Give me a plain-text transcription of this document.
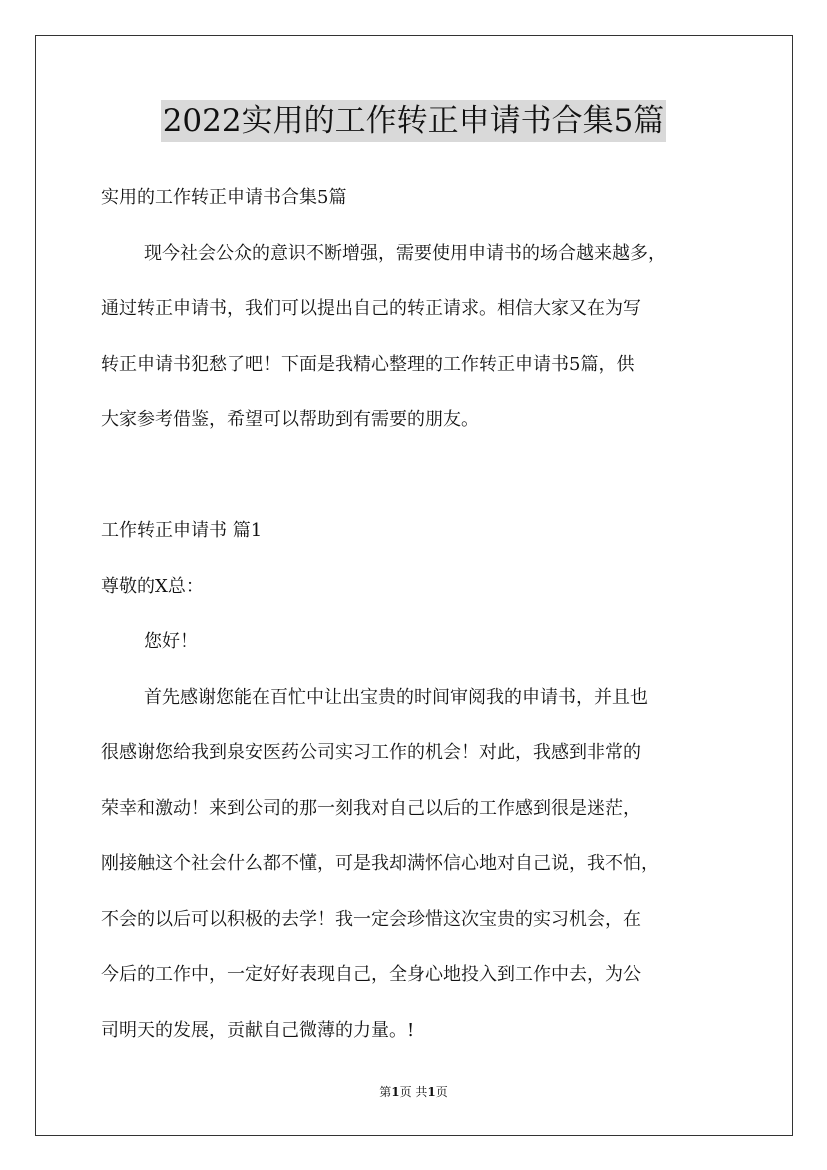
2022实用的工作转正申请书合集5篇
实用的工作转正申请书合集5篇
现今社会公众的意识不断增强，需要使用申请书的场合越来越多，
通过转正申请书，我们可以提出自己的转正请求。相信大家又在为写
转正申请书犯愁了吧！下面是我精心整理的工作转正申请书5篇，供
大家参考借鉴，希望可以帮助到有需要的朋友。
工作转正申请书 篇1
尊敬的X总：
您好！
首先感谢您能在百忙中让出宝贵的时间审阅我的申请书，并且也
很感谢您给我到泉安医药公司实习工作的机会！对此，我感到非常的
荣幸和激动！来到公司的那一刻我对自己以后的工作感到很是迷茫，
刚接触这个社会什么都不懂，可是我却满怀信心地对自己说，我不怕，
不会的以后可以积极的去学！我一定会珍惜这次宝贵的实习机会，在
今后的工作中，一定好好表现自己，全身心地投入到工作中去，为公
司明天的发展，贡献自己微薄的力量。!
第1页 共1页
